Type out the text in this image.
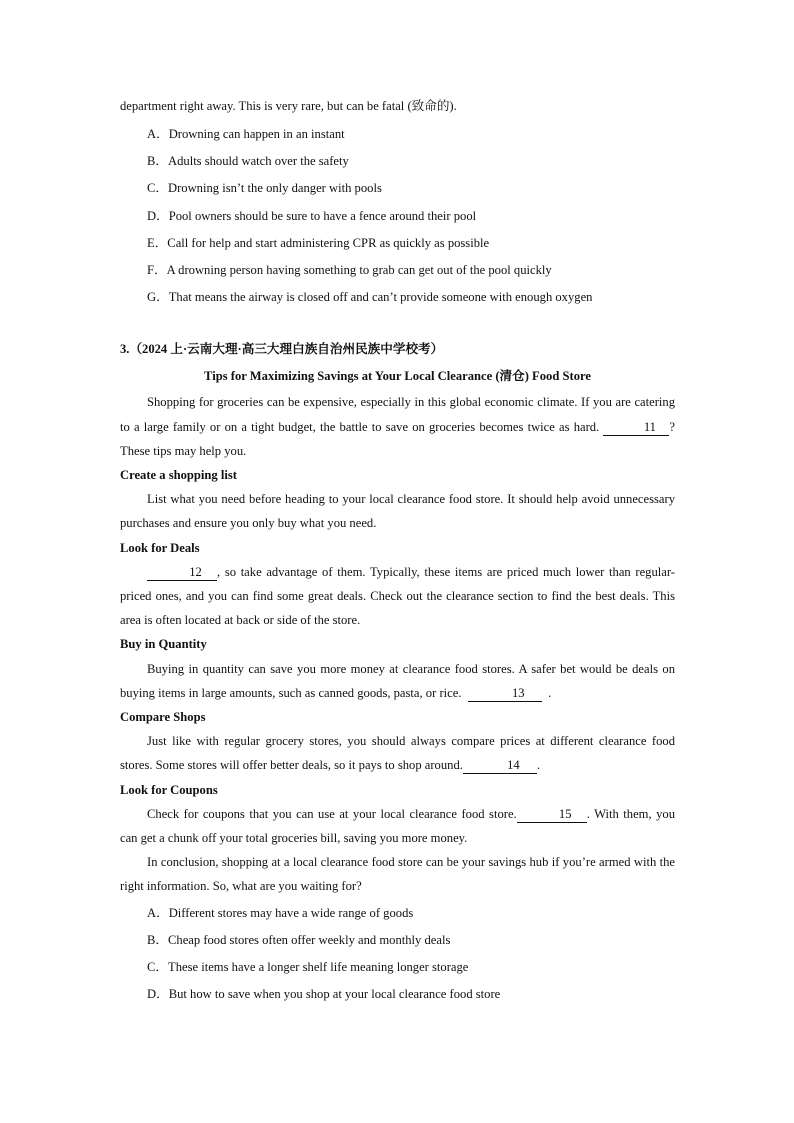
department right away. This is very rare, but can be fatal (致命的).
A．Drowning can happen in an instant
B．Adults should watch over the safety
C．Drowning isn’t the only danger with pools
D．Pool owners should be sure to have a fence around their pool
E．Call for help and start administering CPR as quickly as possible
F．A drowning person having something to grab can get out of the pool quickly
G．That means the airway is closed off and can’t provide someone with enough oxygen
3.（2024 上·云南大理·高三大理白族自治州民族中学校考）
Tips for Maximizing Savings at Your Local Clearance (清仓) Food Store
Shopping for groceries can be expensive, especially in this global economic climate. If you are catering to a large family or on a tight budget, the battle to save on groceries becomes twice as hard.	11 ? These tips may help you.
Create a shopping list
List what you need before heading to your local clearance food store. It should help avoid unnecessary purchases and ensure you only buy what you need.
Look for Deals
12 , so take advantage of them. Typically, these items are priced much lower than regular-priced ones, and you can find some great deals. Check out the clearance section to find the best deals. This area is often located at back or side of the store.
Buy in Quantity
Buying in quantity can save you more money at clearance food stores. A safer bet would be deals on buying items in large amounts, such as canned goods, pasta, or rice.	13 .
Compare Shops
Just like with regular grocery stores, you should always compare prices at different clearance food stores. Some stores will offer better deals, so it pays to shop around.	14 .
Look for Coupons
Check for coupons that you can use at your local clearance food store.	15 . With them, you can get a chunk off your total groceries bill, saving you more money.
In conclusion, shopping at a local clearance food store can be your savings hub if you’re armed with the right information. So, what are you waiting for?
A．Different stores may have a wide range of goods
B．Cheap food stores often offer weekly and monthly deals
C．These items have a longer shelf life meaning longer storage
D．But how to save when you shop at your local clearance food store
